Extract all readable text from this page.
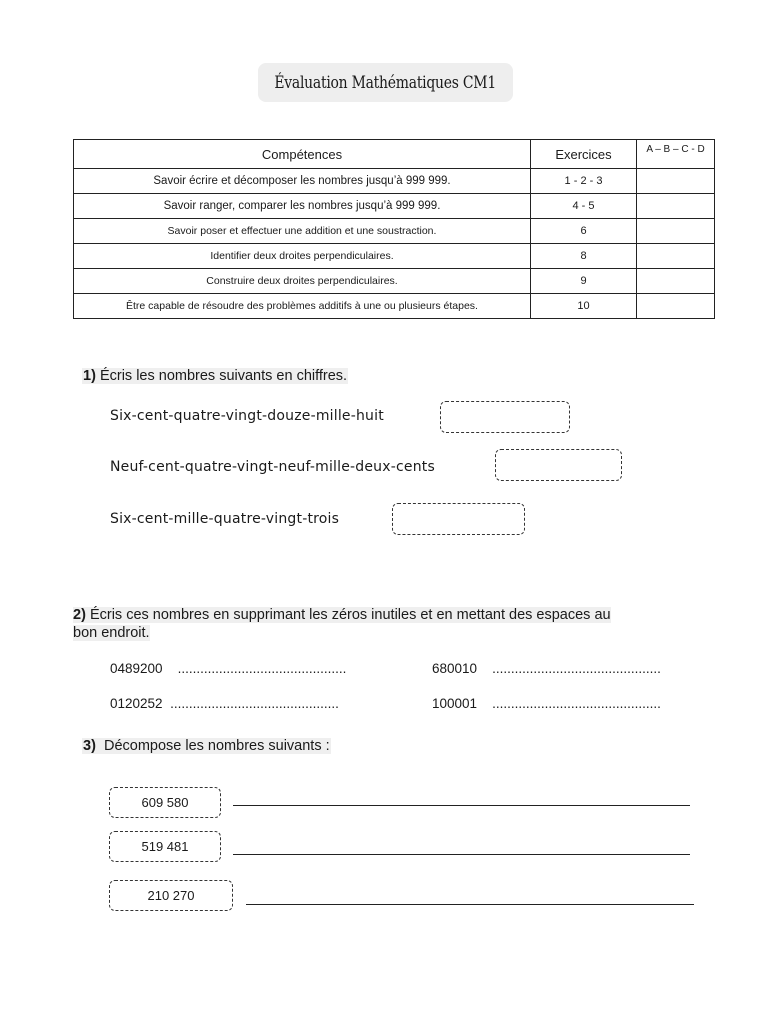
Évaluation Mathématiques CM1
Compétences	Exercices	A – B – C - D
Savoir écrire et décomposer les nombres jusqu’à 999 999.	1 - 2 - 3	
Savoir ranger, comparer les nombres jusqu’à 999 999.	4 - 5	
Savoir poser et effectuer une addition et une soustraction.	6	
Identifier deux droites perpendiculaires.	8	
Construire deux droites perpendiculaires.	9	
Être capable de résoudre des problèmes additifs à une ou plusieurs étapes.	10	
1) Écris les nombres suivants en chiffres.
Six-cent-quatre-vingt-douze-mille-huit
Neuf-cent-quatre-vingt-neuf-mille-deux-cents
Six-cent-mille-quatre-vingt-trois
2) Écris ces nombres en supprimant les zéros inutiles et en mettant des espaces au
bon endroit.
0489200 .............................................	680010 .............................................
0120252 .............................................	100001 .............................................
3) Décompose les nombres suivants :
609 580
519 481
210 270
